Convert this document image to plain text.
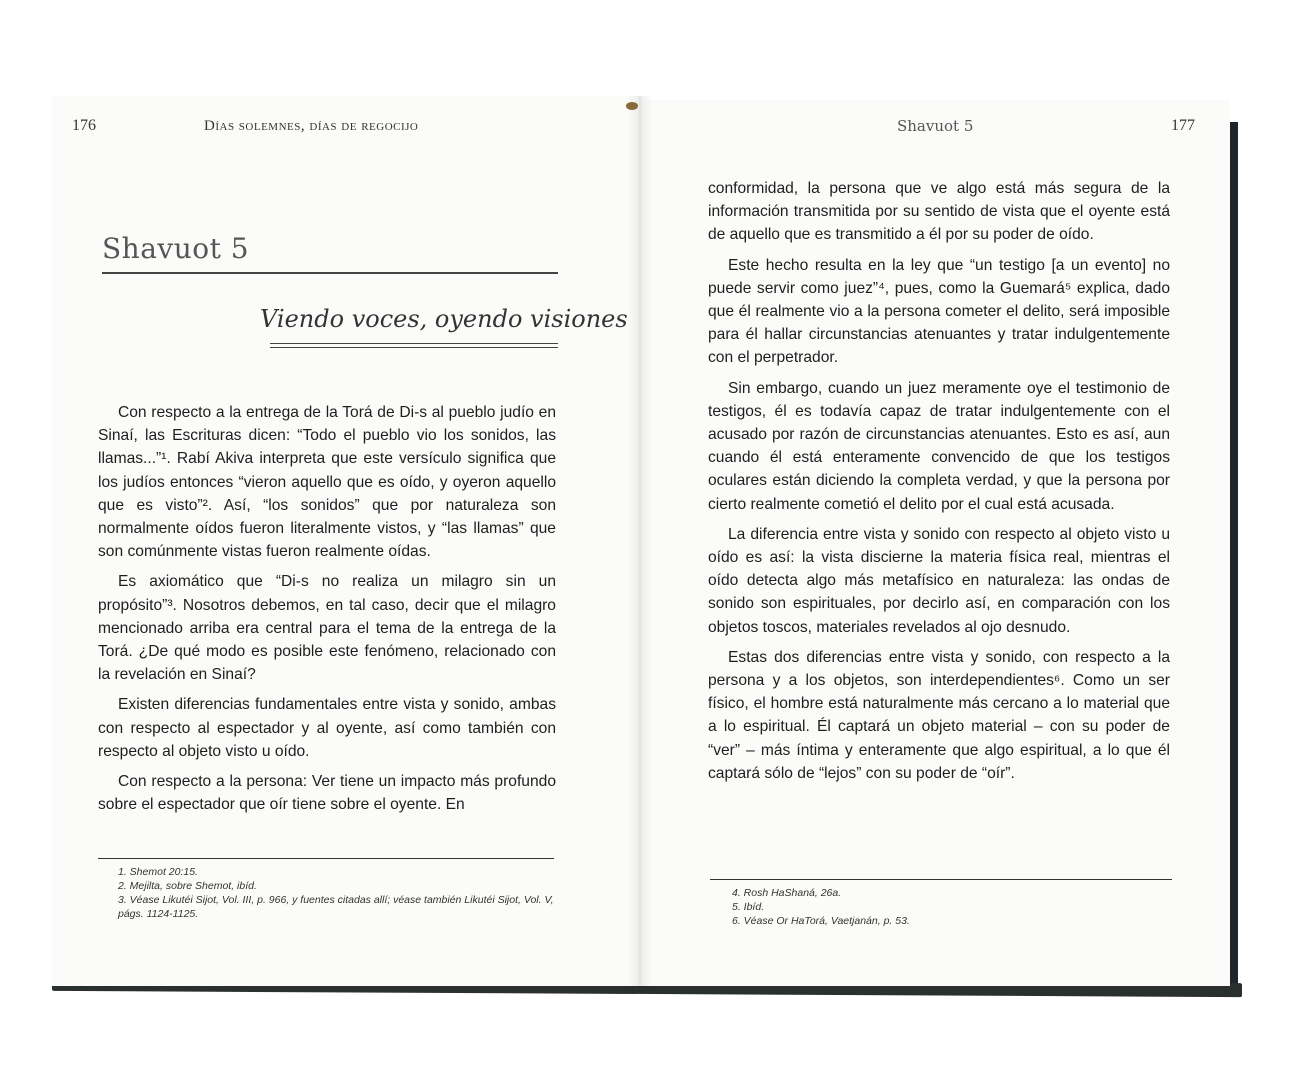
176	Días solemnes, días de regocijo	Shavuot 5	177
Shavuot 5
Viendo voces, oyendo visiones

Con respecto a la entrega de la Torá de Di-s al pueblo judío en Sinaí, las Escrituras dicen: “Todo el pueblo vio los sonidos, las llamas...”¹. Rabí Akiva interpreta que este versículo significa que los judíos entonces “vieron aquello que es oído, y oyeron aquello que es visto”². Así, “los sonidos” que por naturaleza son normalmente oídos fueron literalmente vistos, y “las llamas” que son comúnmente vistas fueron realmente oídas.

Es axiomático que “Di-s no realiza un milagro sin un propósito”³. Nosotros debemos, en tal caso, decir que el milagro mencionado arriba era central para el tema de la entrega de la Torá. ¿De qué modo es posible este fenómeno, relacionado con la revelación en Sinaí?

Existen diferencias fundamentales entre vista y sonido, ambas con respecto al espectador y al oyente, así como también con respecto al objeto visto u oído.

Con respecto a la persona: Ver tiene un impacto más profundo sobre el espectador que oír tiene sobre el oyente. En

1. Shemot 20:15.
2. Mejilta, sobre Shemot, ibíd.
3. Véase Likutéi Sijot, Vol. III, p. 966, y fuentes citadas allí; véase también Likutéi Sijot, Vol. V, págs. 1124-1125.

conformidad, la persona que ve algo está más segura de la información transmitida por su sentido de vista que el oyente está de aquello que es transmitido a él por su poder de oído.

Este hecho resulta en la ley que “un testigo [a un evento] no puede servir como juez”⁴, pues, como la Guemará⁵ explica, dado que él realmente vio a la persona cometer el delito, será imposible para él hallar circunstancias atenuantes y tratar indulgentemente con el perpetrador.

Sin embargo, cuando un juez meramente oye el testimonio de testigos, él es todavía capaz de tratar indulgentemente con el acusado por razón de circunstancias atenuantes. Esto es así, aun cuando él está enteramente convencido de que los testigos oculares están diciendo la completa verdad, y que la persona por cierto realmente cometió el delito por el cual está acusada.

La diferencia entre vista y sonido con respecto al objeto visto u oído es así: la vista discierne la materia física real, mientras el oído detecta algo más metafísico en naturaleza: las ondas de sonido son espirituales, por decirlo así, en comparación con los objetos toscos, materiales revelados al ojo desnudo.

Estas dos diferencias entre vista y sonido, con respecto a la persona y a los objetos, son interdependientes⁶. Como un ser físico, el hombre está naturalmente más cercano a lo material que a lo espiritual. Él captará un objeto material – con su poder de “ver” – más íntima y enteramente que algo espiritual, a lo que él captará sólo de “lejos” con su poder de “oír”.

4. Rosh HaShaná, 26a.
5. Ibíd.
6. Véase Or HaTorá, Vaetjanán, p. 53.
